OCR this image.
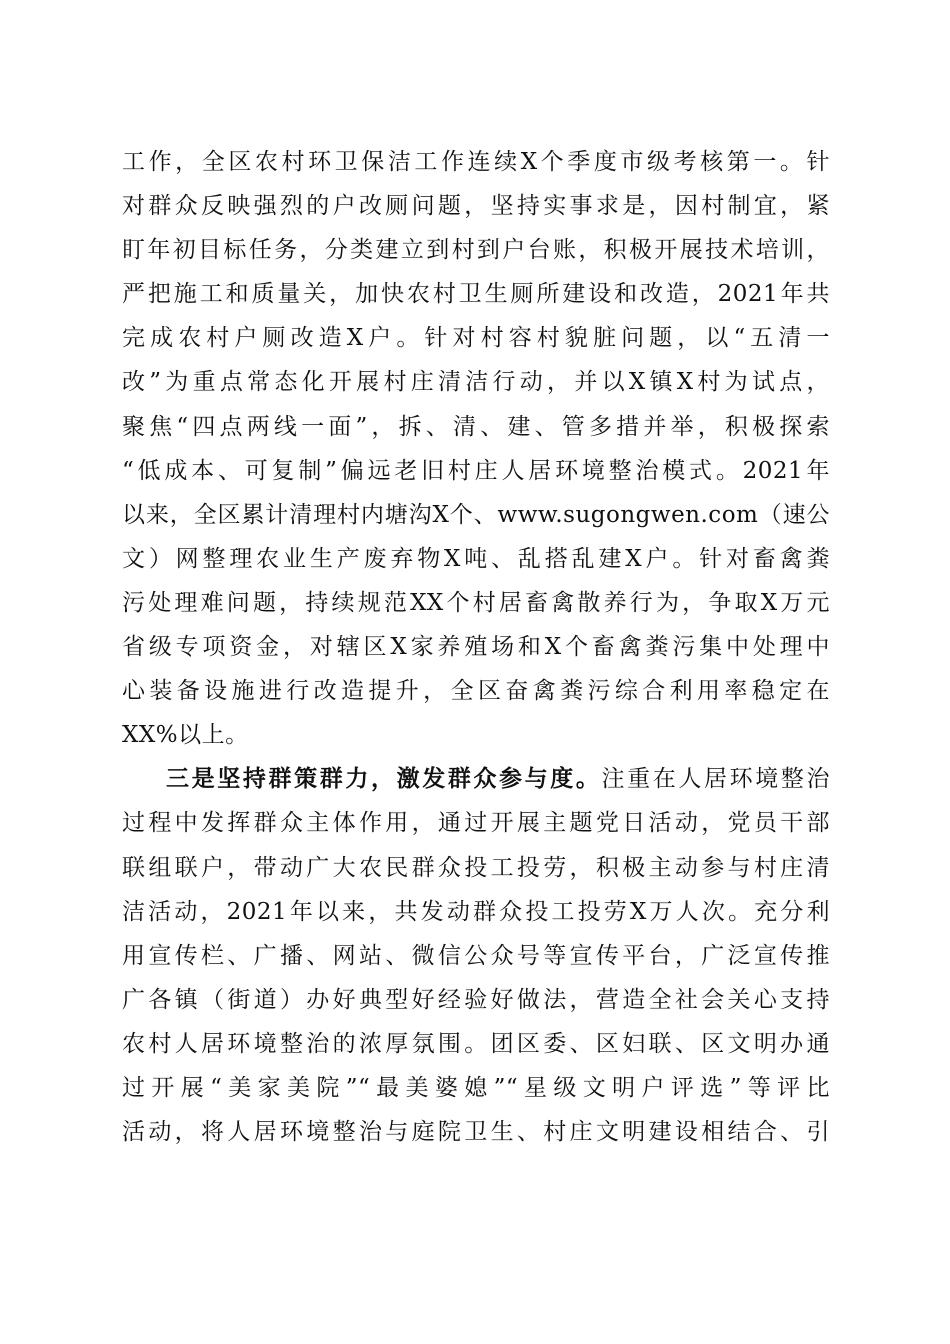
工作，全区农村环卫保洁工作连续X个季度市级考核第一。针
对群众反映强烈的户改厕问题，坚持实事求是，因村制宜，紧
盯年初目标任务，分类建立到村到户台账，积极开展技术培训，
严把施工和质量关，加快农村卫生厕所建设和改造，2021年共
完成农村户厕改造X户。针对村容村貌脏问题，以“五清一
改”为重点常态化开展村庄清洁行动，并以X镇X村为试点，
聚焦“四点两线一面”，拆、清、建、管多措并举，积极探索
“低成本、可复制”偏远老旧村庄人居环境整治模式。2021年
以来，全区累计清理村内塘沟X个、www.sugongwen.com（速公
文）网整理农业生产废弃物X吨、乱搭乱建X户。针对畜禽粪
污处理难问题，持续规范XX个村居畜禽散养行为，争取X万元
省级专项资金，对辖区X家养殖场和X个畜禽粪污集中处理中
心装备设施进行改造提升，全区奋禽粪污综合利用率稳定在
XX%以上。
三是坚持群策群力，激发群众参与度。注重在人居环境整治
过程中发挥群众主体作用，通过开展主题党日活动，党员干部
联组联户，带动广大农民群众投工投劳，积极主动参与村庄清
洁活动，2021年以来，共发动群众投工投劳X万人次。充分利
用宣传栏、广播、网站、微信公众号等宣传平台，广泛宣传推
广各镇（街道）办好典型好经验好做法，营造全社会关心支持
农村人居环境整治的浓厚氛围。团区委、区妇联、区文明办通
过开展“美家美院”“最美婆媳”“星级文明户评选”等评比
活动，将人居环境整治与庭院卫生、村庄文明建设相结合、引
